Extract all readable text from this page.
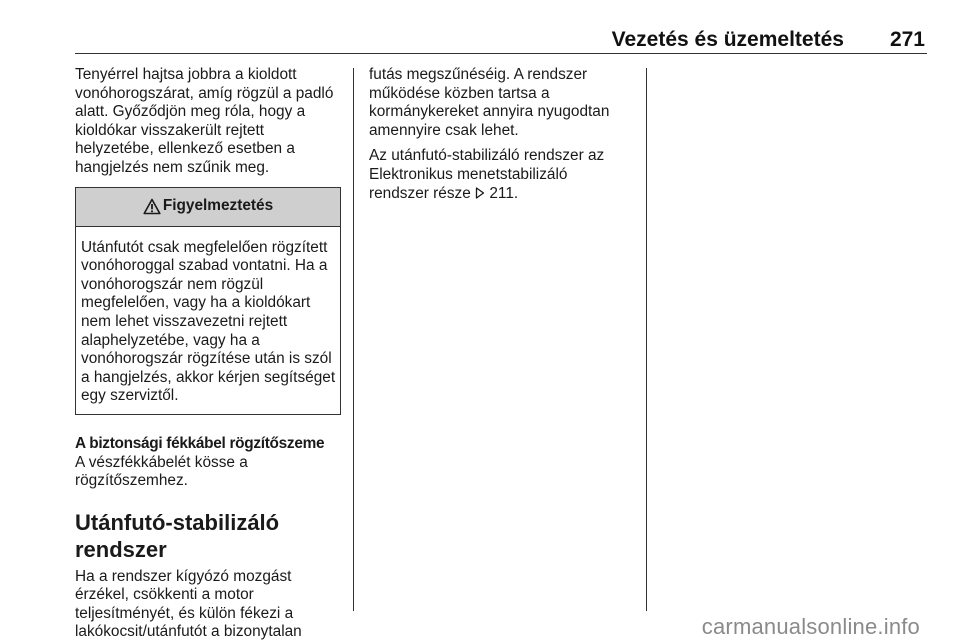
Vezetés és üzemeltetés 271

Tenyérrel hajtsa jobbra a kioldott vonóhorogszárat, amíg rögzül a padló alatt. Győződjön meg róla, hogy a kioldókar visszakerült rejtett helyzetébe, ellenkező esetben a hangjelzés nem szűnik meg.

Figyelmeztetés
Utánfutót csak megfelelően rögzített vonóhoroggal szabad vontatni. Ha a vonóhorogszár nem rögzül megfelelően, vagy ha a kioldókart nem lehet visszavezetni rejtett alaphelyzetébe, vagy ha a vonóhorogszár rögzítése után is szól a hangjelzés, akkor kérjen segítséget egy szerviztől.

A biztonsági fékkábel rögzítőszeme

A vészfékkábelét kösse a rögzítőszemhez.

Utánfutó-stabilizáló rendszer

Ha a rendszer kígyózó mozgást érzékel, csökkenti a motor teljesítményét, és külön fékezi a lakókocsit/utánfutót a bizonytalan

futás megszűnéséig. A rendszer működése közben tartsa a kormánykereket annyira nyugodtan amennyire csak lehet.

Az utánfutó-stabilizáló rendszer az Elektronikus menetstabilizáló rendszer része 211.

carmanualsonline.info
